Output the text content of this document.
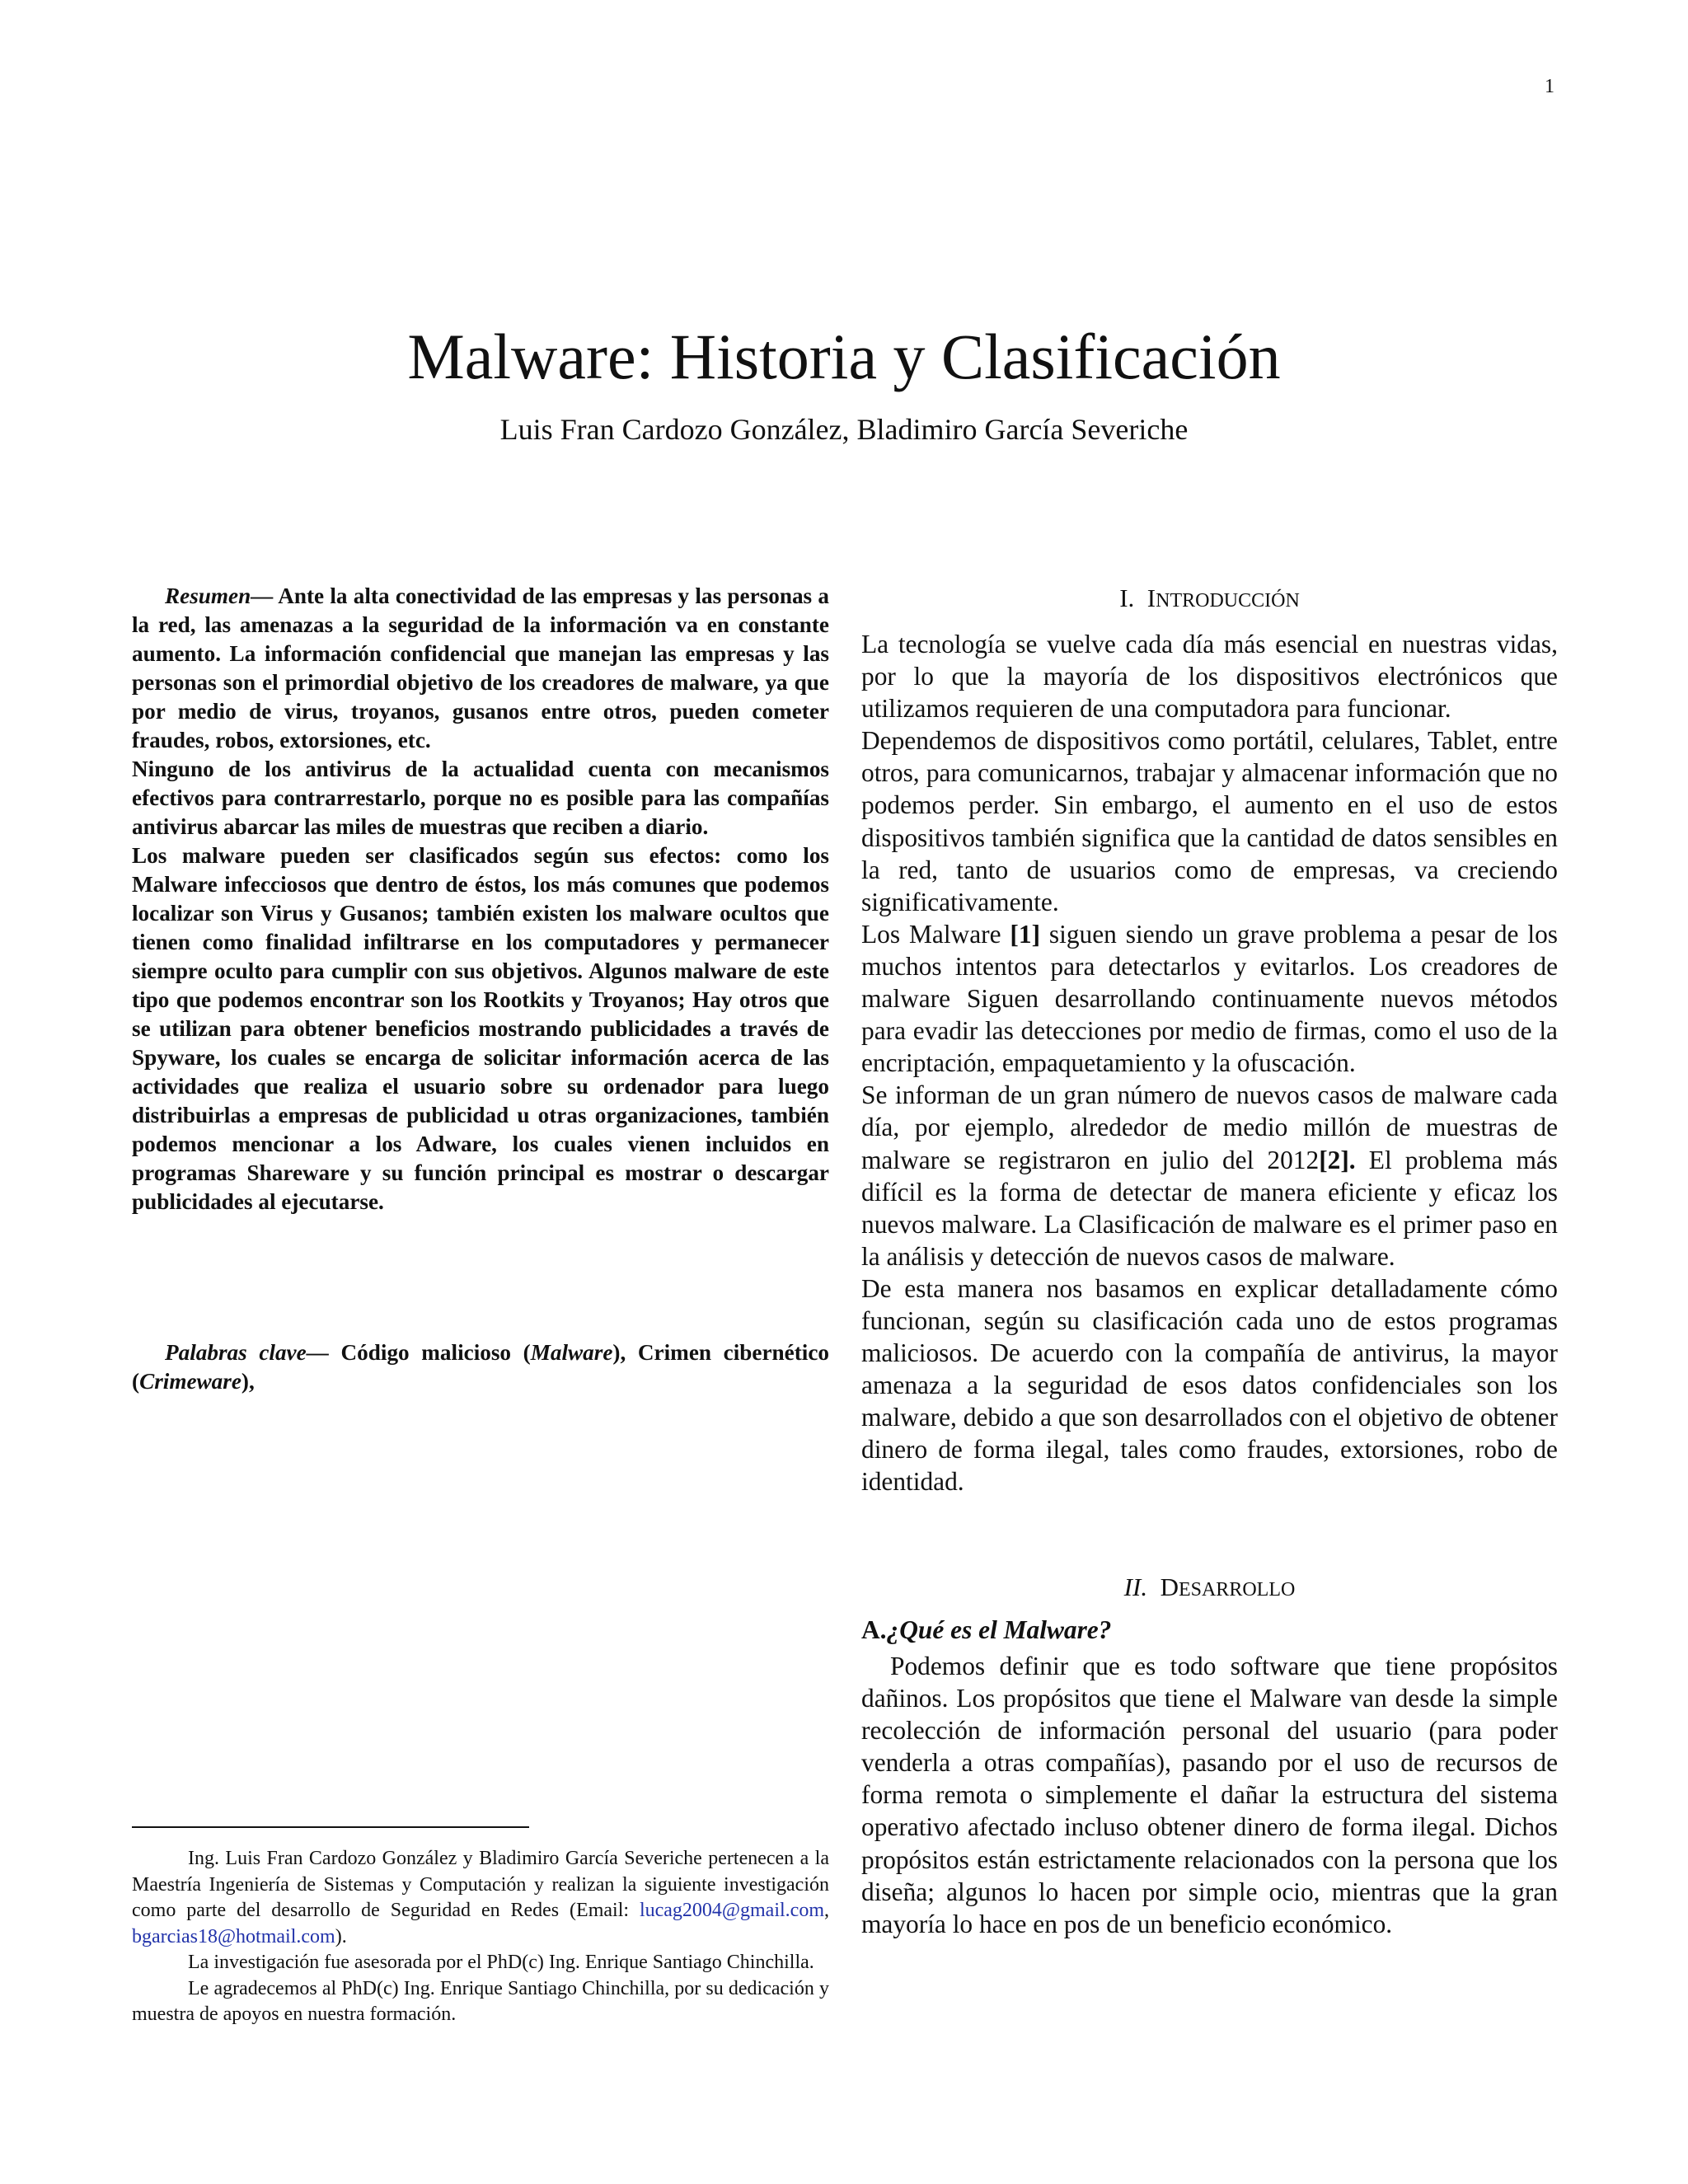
1
Malware: Historia y Clasificación
Luis Fran Cardozo González, Bladimiro García Severiche

Resumen— Ante la alta conectividad de las empresas y las personas a la red, las amenazas a la seguridad de la información va en constante aumento. La información confidencial que manejan las empresas y las personas son el primordial objetivo de los creadores de malware, ya que por medio de virus, troyanos, gusanos entre otros, pueden cometer fraudes, robos, extorsiones, etc.

Ninguno de los antivirus de la actualidad cuenta con mecanismos efectivos para contrarrestarlo, porque no es posible para las compañías antivirus abarcar las miles de muestras que reciben a diario.

Los malware pueden ser clasificados según sus efectos: como los Malware infecciosos que dentro de éstos, los más comunes que podemos localizar son Virus y Gusanos; también existen los malware ocultos que tienen como finalidad infiltrarse en los computadores y permanecer siempre oculto para cumplir con sus objetivos. Algunos malware de este tipo que podemos encontrar son los Rootkits y Troyanos; Hay otros que se utilizan para obtener beneficios mostrando publicidades a través de Spyware, los cuales se encarga de solicitar información acerca de las actividades que realiza el usuario sobre su ordenador para luego distribuirlas a empresas de publicidad u otras organizaciones, también podemos mencionar a los Adware, los cuales vienen incluidos en programas Shareware y su función principal es mostrar o descargar publicidades al ejecutarse.

Palabras clave— Código malicioso (Malware), Crimen cibernético (Crimeware),

Ing. Luis Fran Cardozo González y Bladimiro García Severiche pertenecen a la Maestría Ingeniería de Sistemas y Computación y realizan la siguiente investigación como parte del desarrollo de Seguridad en Redes (Email: lucag2004@gmail.com, bgarcias18@hotmail.com).

La investigación fue asesorada por el PhD(c) Ing. Enrique Santiago Chinchilla.

Le agradecemos al PhD(c) Ing. Enrique Santiago Chinchilla, por su dedicación y muestra de apoyos en nuestra formación.

I. INTRODUCCIÓN

La tecnología se vuelve cada día más esencial en nuestras vidas, por lo que la mayoría de los dispositivos electrónicos que utilizamos requieren de una computadora para funcionar.

Dependemos de dispositivos como portátil, celulares, Tablet, entre otros, para comunicarnos, trabajar y almacenar información que no podemos perder. Sin embargo, el aumento en el uso de estos dispositivos también significa que la cantidad de datos sensibles en la red, tanto de usuarios como de empresas, va creciendo significativamente.

Los Malware [1] siguen siendo un grave problema a pesar de los muchos intentos para detectarlos y evitarlos. Los creadores de malware Siguen desarrollando continuamente nuevos métodos para evadir las detecciones por medio de firmas, como el uso de la encriptación, empaquetamiento y la ofuscación.

Se informan de un gran número de nuevos casos de malware cada día, por ejemplo, alrededor de medio millón de muestras de malware se registraron en julio del 2012[2]. El problema más difícil es la forma de detectar de manera eficiente y eficaz los nuevos malware. La Clasificación de malware es el primer paso en la análisis y detección de nuevos casos de malware.

De esta manera nos basamos en explicar detalladamente cómo funcionan, según su clasificación cada uno de estos programas maliciosos. De acuerdo con la compañía de antivirus, la mayor amenaza a la seguridad de esos datos confidenciales son los malware, debido a que son desarrollados con el objetivo de obtener dinero de forma ilegal, tales como fraudes, extorsiones, robo de identidad.

II. DESARROLLO
A.¿Qué es el Malware?
Podemos definir que es todo software que tiene propósitos dañinos. Los propósitos que tiene el Malware van desde la simple recolección de información personal del usuario (para poder venderla a otras compañías), pasando por el uso de recursos de forma remota o simplemente el dañar la estructura del sistema operativo afectado incluso obtener dinero de forma ilegal. Dichos propósitos están estrictamente relacionados con la persona que los diseña; algunos lo hacen por simple ocio, mientras que la gran mayoría lo hace en pos de un beneficio económico.
